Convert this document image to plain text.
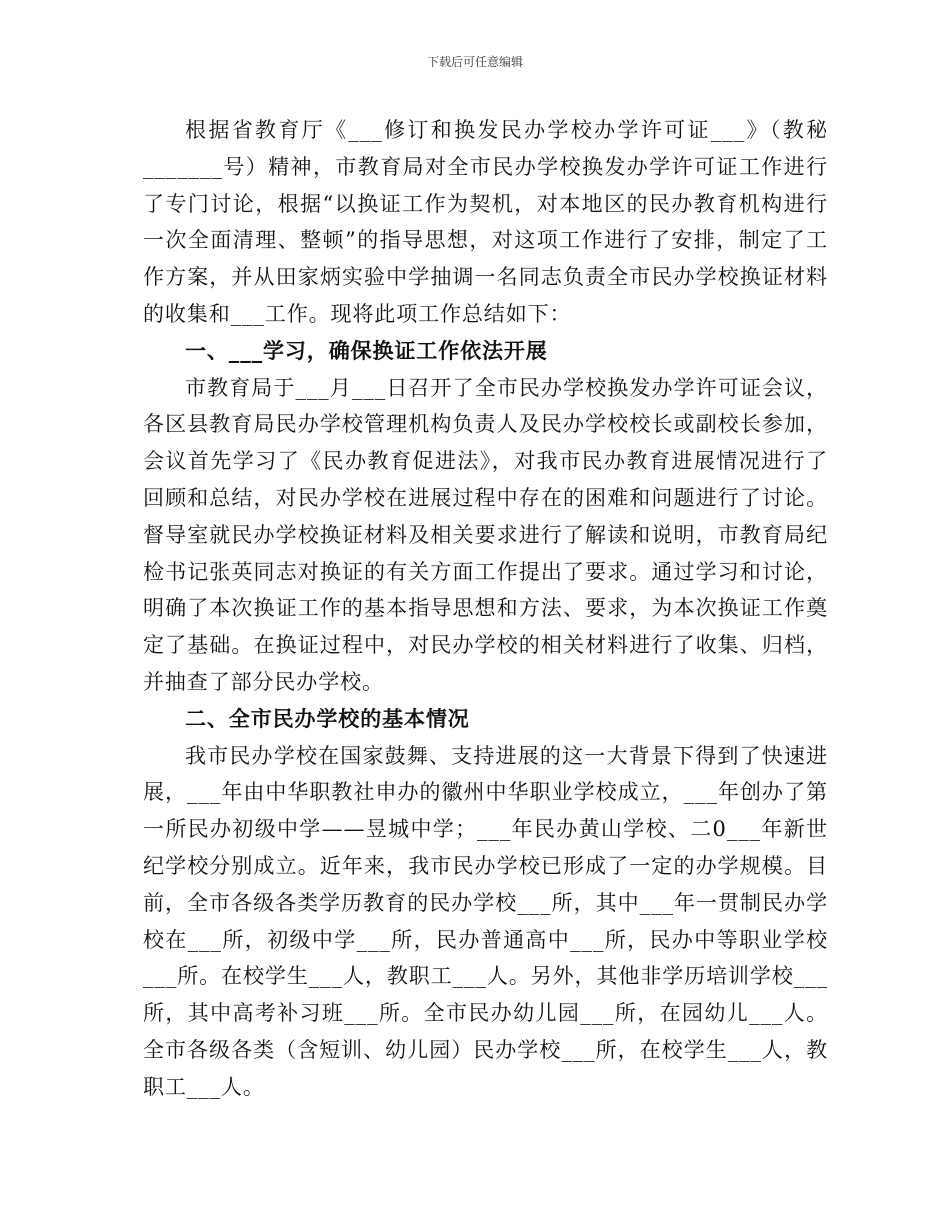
下载后可任意编辑

根据省教育厅《___修订和换发民办学校办学许可证___》（教秘_______号）精神，市教育局对全市民办学校换发办学许可证工作进行了专门讨论，根据“以换证工作为契机，对本地区的民办教育机构进行一次全面清理、整顿”的指导思想，对这项工作进行了安排，制定了工作方案，并从田家炳实验中学抽调一名同志负责全市民办学校换证材料的收集和___工作。现将此项工作总结如下：

一、___学习，确保换证工作依法开展

市教育局于___月___日召开了全市民办学校换发办学许可证会议，各区县教育局民办学校管理机构负责人及民办学校校长或副校长参加，会议首先学习了《民办教育促进法》，对我市民办教育进展情况进行了回顾和总结，对民办学校在进展过程中存在的困难和问题进行了讨论。督导室就民办学校换证材料及相关要求进行了解读和说明，市教育局纪检书记张英同志对换证的有关方面工作提出了要求。通过学习和讨论，明确了本次换证工作的基本指导思想和方法、要求，为本次换证工作奠定了基础。在换证过程中，对民办学校的相关材料进行了收集、归档，并抽查了部分民办学校。

二、全市民办学校的基本情况

我市民办学校在国家鼓舞、支持进展的这一大背景下得到了快速进展，___年由中华职教社申办的徽州中华职业学校成立，___年创办了第一所民办初级中学——昱城中学；___年民办黄山学校、二0___年新世纪学校分别成立。近年来，我市民办学校已形成了一定的办学规模。目前，全市各级各类学历教育的民办学校___所，其中___年一贯制民办学校在___所，初级中学___所，民办普通高中___所，民办中等职业学校___所。在校学生___人，教职工___人。另外，其他非学历培训学校___所，其中高考补习班___所。全市民办幼儿园___所，在园幼儿___人。全市各级各类（含短训、幼儿园）民办学校___所，在校学生___人，教职工___人。
